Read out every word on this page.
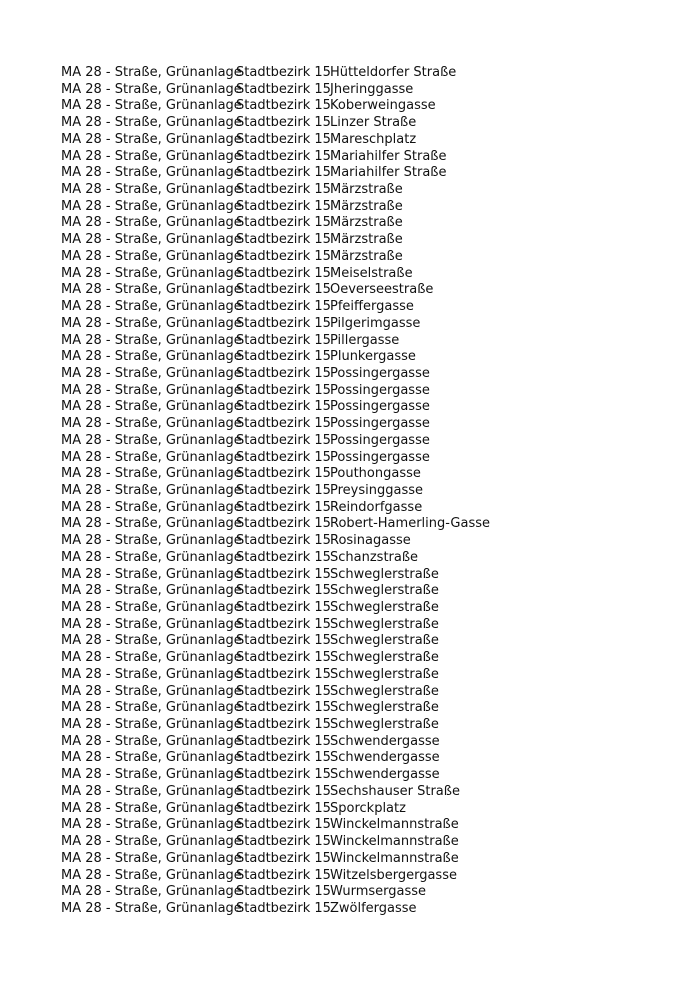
MA 28 - Straße, Grünanlage
Stadtbezirk 15 Hütteldorfer Straße
MA 28 - Straße, Grünanlage
Stadtbezirk 15 Jheringgasse
MA 28 - Straße, Grünanlage
Stadtbezirk 15 Koberweingasse
MA 28 - Straße, Grünanlage
Stadtbezirk 15 Linzer Straße
MA 28 - Straße, Grünanlage
Stadtbezirk 15 Mareschplatz
MA 28 - Straße, Grünanlage
Stadtbezirk 15 Mariahilfer Straße
MA 28 - Straße, Grünanlage
Stadtbezirk 15 Mariahilfer Straße
MA 28 - Straße, Grünanlage
Stadtbezirk 15 Märzstraße
MA 28 - Straße, Grünanlage
Stadtbezirk 15 Märzstraße
MA 28 - Straße, Grünanlage
Stadtbezirk 15 Märzstraße
MA 28 - Straße, Grünanlage
Stadtbezirk 15 Märzstraße
MA 28 - Straße, Grünanlage
Stadtbezirk 15 Märzstraße
MA 28 - Straße, Grünanlage
Stadtbezirk 15 Meiselstraße
MA 28 - Straße, Grünanlage
Stadtbezirk 15 Oeverseestraße
MA 28 - Straße, Grünanlage
Stadtbezirk 15 Pfeiffergasse
MA 28 - Straße, Grünanlage
Stadtbezirk 15 Pilgerimgasse
MA 28 - Straße, Grünanlage
Stadtbezirk 15 Pillergasse
MA 28 - Straße, Grünanlage
Stadtbezirk 15 Plunkergasse
MA 28 - Straße, Grünanlage
Stadtbezirk 15 Possingergasse
MA 28 - Straße, Grünanlage
Stadtbezirk 15 Possingergasse
MA 28 - Straße, Grünanlage
Stadtbezirk 15 Possingergasse
MA 28 - Straße, Grünanlage
Stadtbezirk 15 Possingergasse
MA 28 - Straße, Grünanlage
Stadtbezirk 15 Possingergasse
MA 28 - Straße, Grünanlage
Stadtbezirk 15 Possingergasse
MA 28 - Straße, Grünanlage
Stadtbezirk 15 Pouthongasse
MA 28 - Straße, Grünanlage
Stadtbezirk 15 Preysinggasse
MA 28 - Straße, Grünanlage
Stadtbezirk 15 Reindorfgasse
MA 28 - Straße, Grünanlage
Stadtbezirk 15 Robert-Hamerling-Gasse
MA 28 - Straße, Grünanlage
Stadtbezirk 15 Rosinagasse
MA 28 - Straße, Grünanlage
Stadtbezirk 15 Schanzstraße
MA 28 - Straße, Grünanlage
Stadtbezirk 15 Schweglerstraße
MA 28 - Straße, Grünanlage
Stadtbezirk 15 Schweglerstraße
MA 28 - Straße, Grünanlage
Stadtbezirk 15 Schweglerstraße
MA 28 - Straße, Grünanlage
Stadtbezirk 15 Schweglerstraße
MA 28 - Straße, Grünanlage
Stadtbezirk 15 Schweglerstraße
MA 28 - Straße, Grünanlage
Stadtbezirk 15 Schweglerstraße
MA 28 - Straße, Grünanlage
Stadtbezirk 15 Schweglerstraße
MA 28 - Straße, Grünanlage
Stadtbezirk 15 Schweglerstraße
MA 28 - Straße, Grünanlage
Stadtbezirk 15 Schweglerstraße
MA 28 - Straße, Grünanlage
Stadtbezirk 15 Schweglerstraße
MA 28 - Straße, Grünanlage
Stadtbezirk 15 Schwendergasse
MA 28 - Straße, Grünanlage
Stadtbezirk 15 Schwendergasse
MA 28 - Straße, Grünanlage
Stadtbezirk 15 Schwendergasse
MA 28 - Straße, Grünanlage
Stadtbezirk 15 Sechshauser Straße
MA 28 - Straße, Grünanlage
Stadtbezirk 15 Sporckplatz
MA 28 - Straße, Grünanlage
Stadtbezirk 15 Winckelmannstraße
MA 28 - Straße, Grünanlage
Stadtbezirk 15 Winckelmannstraße
MA 28 - Straße, Grünanlage
Stadtbezirk 15 Winckelmannstraße
MA 28 - Straße, Grünanlage
Stadtbezirk 15 Witzelsbergergasse
MA 28 - Straße, Grünanlage
Stadtbezirk 15 Wurmsergasse
MA 28 - Straße, Grünanlage
Stadtbezirk 15 Zwölfergasse
